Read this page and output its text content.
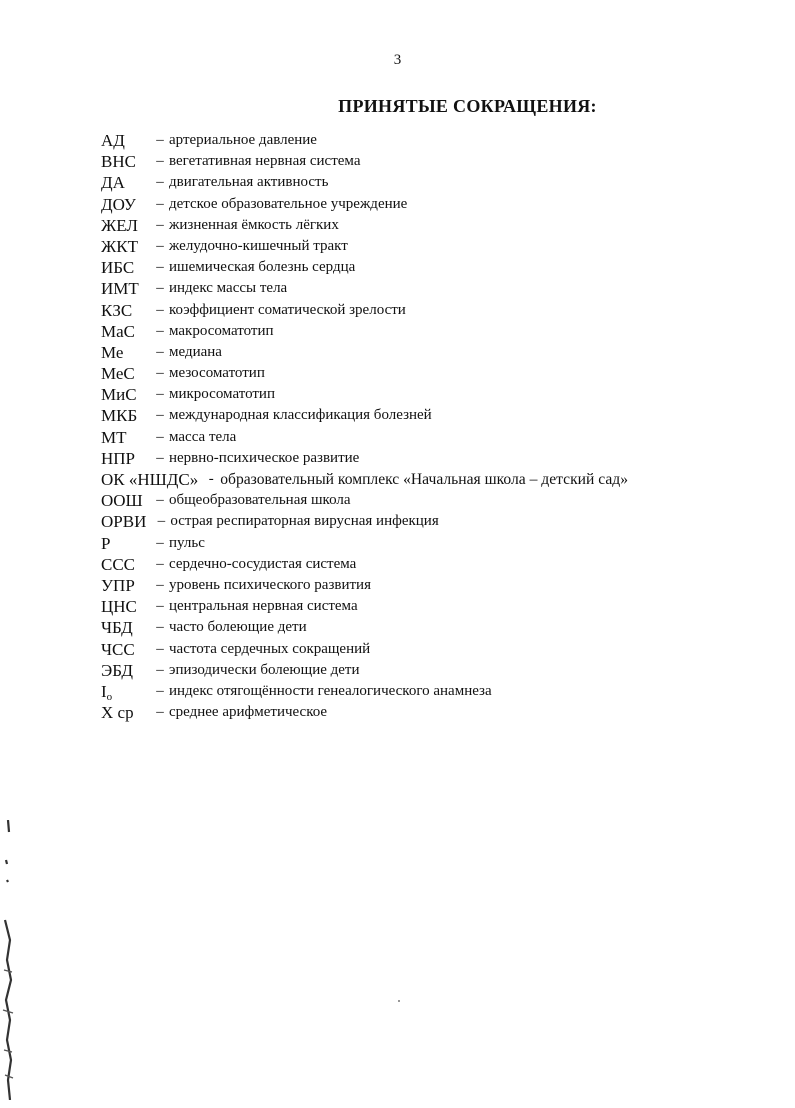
3
ПРИНЯТЫЕ СОКРАЩЕНИЯ:
АД	– артериальное давление
ВНС	– вегетативная нервная система
ДА	– двигательная активность
ДОУ	– детское образовательное учреждение
ЖЕЛ	– жизненная ёмкость лёгких
ЖКТ	– желудочно-кишечный тракт
ИБС	– ишемическая болезнь сердца
ИМТ	– индекс массы тела
КЗС	– коэффициент соматической зрелости
МаС	– макросоматотип
Ме	– медиана
МеС	– мезосоматотип
МиС	– микросоматотип
МКБ	– международная классификация болезней
МТ	– масса тела
НПР	– нервно-психическое развитие
ОК «НШДС» - образовательный комплекс «Начальная школа – детский сад»
ООШ – общеобразовательная школа
ОРВИ – острая респираторная вирусная инфекция
Р	– пульс
ССС	– сердечно-сосудистая система
УПР	– уровень психического развития
ЦНС	– центральная нервная система
ЧБД	– часто болеющие дети
ЧСС	– частота сердечных сокращений
ЭБД	– эпизодически болеющие дети
$I_о$	– индекс отягощённости генеалогического анамнеза
Х ср	– среднее арифметическое
